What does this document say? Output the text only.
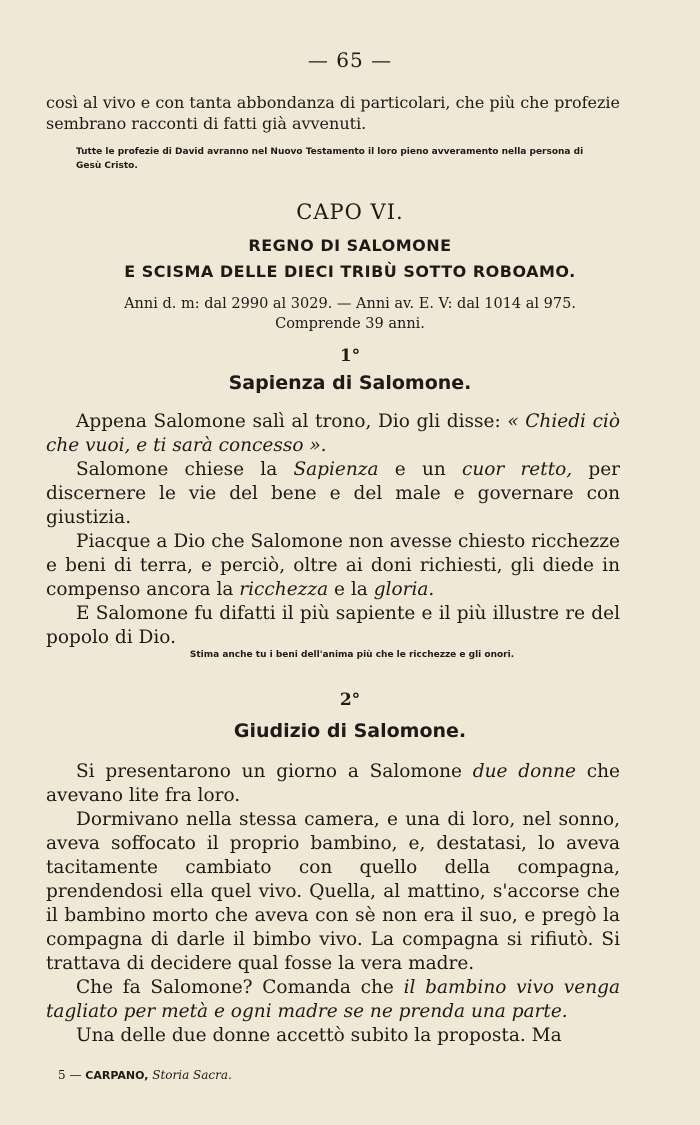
— 65 —

così al vivo e con tanta abbondanza di particolari, che più che profezie sembrano racconti di fatti già avvenuti.

Tutte le profezie di David avranno nel Nuovo Testamento il loro pieno avveramento nella persona di Gesù Cristo.

CAPO VI.
REGNO DI SALOMONE
E SCISMA DELLE DIECI TRIBÙ SOTTO ROBOAMO.
Anni d. m: dal 2990 al 3029. — Anni av. E. V: dal 1014 al 975.
Comprende 39 anni.
1°
Sapienza di Salomone.

Appena Salomone salì al trono, Dio gli disse: « Chiedi ciò che vuoi, e ti sarà concesso ».

Salomone chiese la Sapienza e un cuor retto, per discernere le vie del bene e del male e governare con giustizia.

Piacque a Dio che Salomone non avesse chiesto ricchezze e beni di terra, e perciò, oltre ai doni richiesti, gli diede in compenso ancora la ricchezza e la gloria.

E Salomone fu difatti il più sapiente e il più illustre re del popolo di Dio.

Stima anche tu i beni dell'anima più che le ricchezze e gli onori.

2°
Giudizio di Salomone.

Si presentarono un giorno a Salomone due donne che avevano lite fra loro.

Dormivano nella stessa camera, e una di loro, nel sonno, aveva soffocato il proprio bambino, e, destatasi, lo aveva tacitamente cambiato con quello della compagna, prendendosi ella quel vivo. Quella, al mattino, s'accorse che il bambino morto che aveva con sè non era il suo, e pregò la compagna di darle il bimbo vivo. La compagna si rifiutò. Si trattava di decidere qual fosse la vera madre.

Che fa Salomone? Comanda che il bambino vivo venga tagliato per metà e ogni madre se ne prenda una parte.

Una delle due donne accettò subito la proposta. Ma

5 — CARPANO, Storia Sacra.
